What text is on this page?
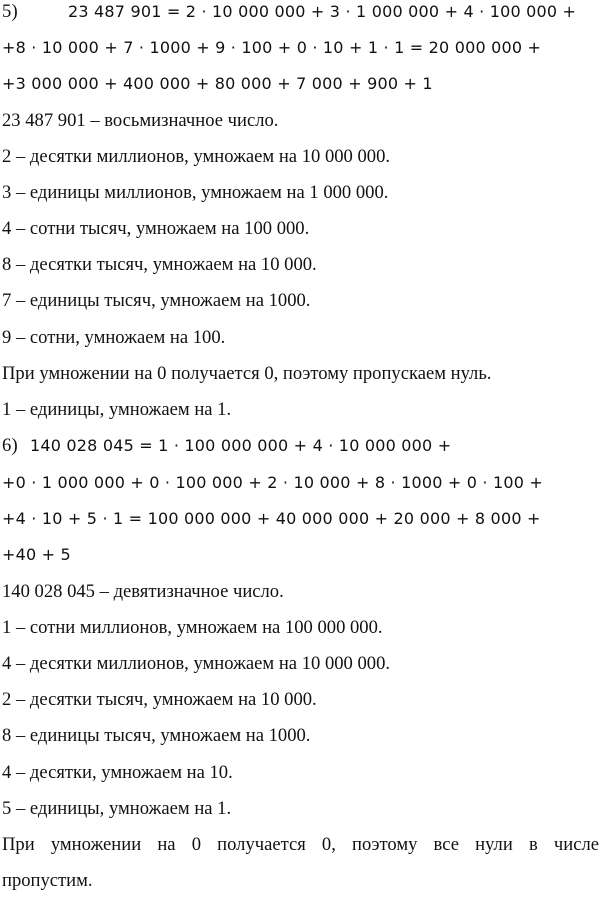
5)	23 487 901 = 2 · 10 000 000 + 3 · 1 000 000 + 4 · 100 000 +
+8 · 10 000 + 7 · 1000 + 9 · 100 + 0 · 10 + 1 · 1 = 20 000 000 +
+3 000 000 + 400 000 + 80 000 + 7 000 + 900 + 1
23 487 901 – восьмизначное число.
2 – десятки миллионов, умножаем на 10 000 000.
3 – единицы миллионов, умножаем на 1 000 000.
4 – сотни тысяч, умножаем на 100 000.
8 – десятки тысяч, умножаем на 10 000.
7 – единицы тысяч, умножаем на 1000.
9 – сотни, умножаем на 100.
При умножении на 0 получается 0, поэтому пропускаем нуль.
1 – единицы, умножаем на 1.
6) 140 028 045 = 1 · 100 000 000 + 4 · 10 000 000 +
+0 · 1 000 000 + 0 · 100 000 + 2 · 10 000 + 8 · 1000 + 0 · 100 +
+4 · 10 + 5 · 1 = 100 000 000 + 40 000 000 + 20 000 + 8 000 +
+40 + 5
140 028 045 – девятизначное число.
1 – сотни миллионов, умножаем на 100 000 000.
4 – десятки миллионов, умножаем на 10 000 000.
2 – десятки тысяч, умножаем на 10 000.
8 – единицы тысяч, умножаем на 1000.
4 – десятки, умножаем на 10.
5 – единицы, умножаем на 1.
При умножении на 0 получается 0, поэтому все нули в числе
пропустим.
